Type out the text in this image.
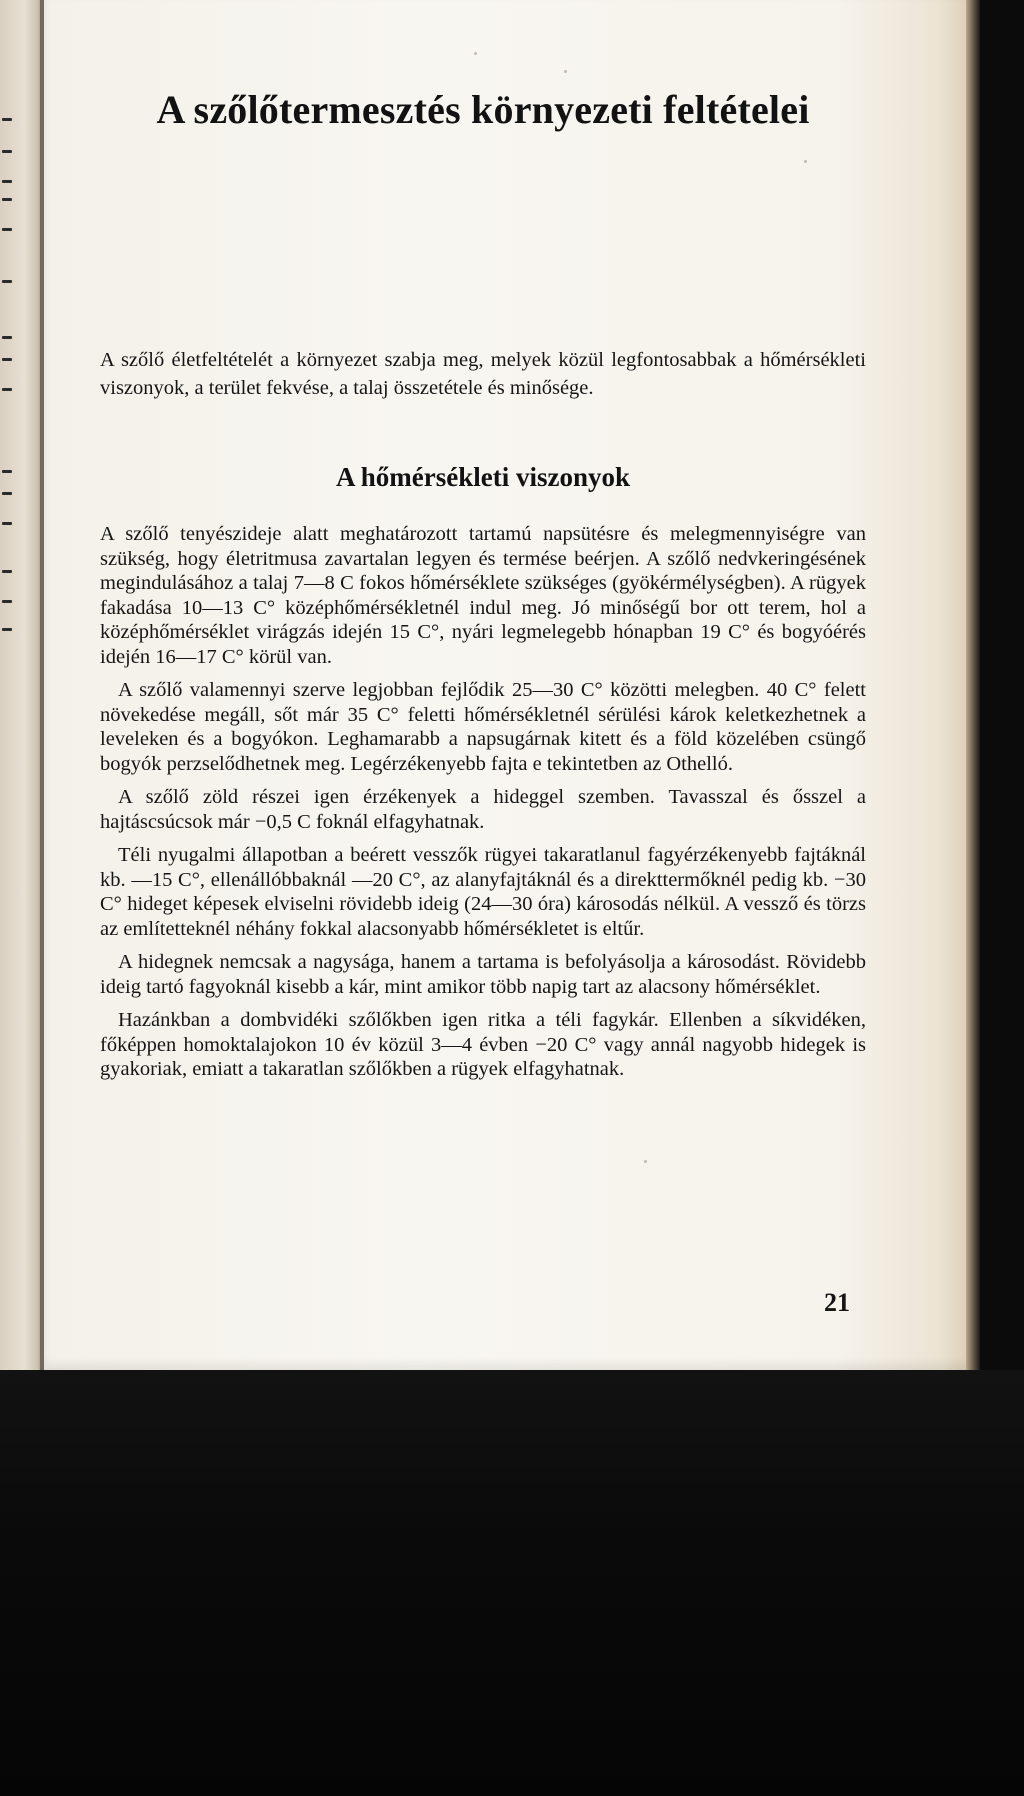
A szőlőtermesztés környezeti feltételei

A szőlő életfeltételét a környezet szabja meg, melyek közül legfontosabbak a hőmérsékleti viszonyok, a terület fekvése, a talaj összetétele és minősége.

A hőmérsékleti viszonyok

A szőlő tenyészideje alatt meghatározott tartamú napsütésre és melegmennyiségre van szükség, hogy életritmusa zavartalan legyen és termése beérjen. A szőlő nedvkeringésének megindulásához a talaj 7—8 C fokos hőmérséklete szükséges (gyökérmélységben). A rügyek fakadása 10—13 C° középhőmérsékletnél indul meg. Jó minőségű bor ott terem, hol a középhőmérséklet virágzás idején 15 C°, nyári legmelegebb hónapban 19 C° és bogyóérés idején 16—17 C° körül van.

A szőlő valamennyi szerve legjobban fejlődik 25—30 C° közötti melegben. 40 C° felett növekedése megáll, sőt már 35 C° feletti hőmérsékletnél sérülési károk keletkezhetnek a leveleken és a bogyókon. Leghamarabb a napsugárnak kitett és a föld közelében csüngő bogyók perzselődhetnek meg. Legérzékenyebb fajta e tekintetben az Othelló.

A szőlő zöld részei igen érzékenyek a hideggel szemben. Tavasszal és ősszel a hajtáscsúcsok már −0,5 C foknál elfagyhatnak.

Téli nyugalmi állapotban a beérett vesszők rügyei takaratlanul fagyérzékenyebb fajtáknál kb. —15 C°, ellenállóbbaknál —20 C°, az alanyfajtáknál és a direkttermőknél pedig kb. −30 C° hideget képesek elviselni rövidebb ideig (24—30 óra) károsodás nélkül. A vessző és törzs az említetteknél néhány fokkal alacsonyabb hőmérsékletet is eltűr.

A hidegnek nemcsak a nagysága, hanem a tartama is befolyásolja a károsodást. Rövidebb ideig tartó fagyoknál kisebb a kár, mint amikor több napig tart az alacsony hőmérséklet.

Hazánkban a dombvidéki szőlőkben igen ritka a téli fagykár. Ellenben a síkvidéken, főképpen homoktalajokon 10 év közül 3—4 évben −20 C° vagy annál nagyobb hidegek is gyakoriak, emiatt a takaratlan szőlőkben a rügyek elfagyhatnak.

21
